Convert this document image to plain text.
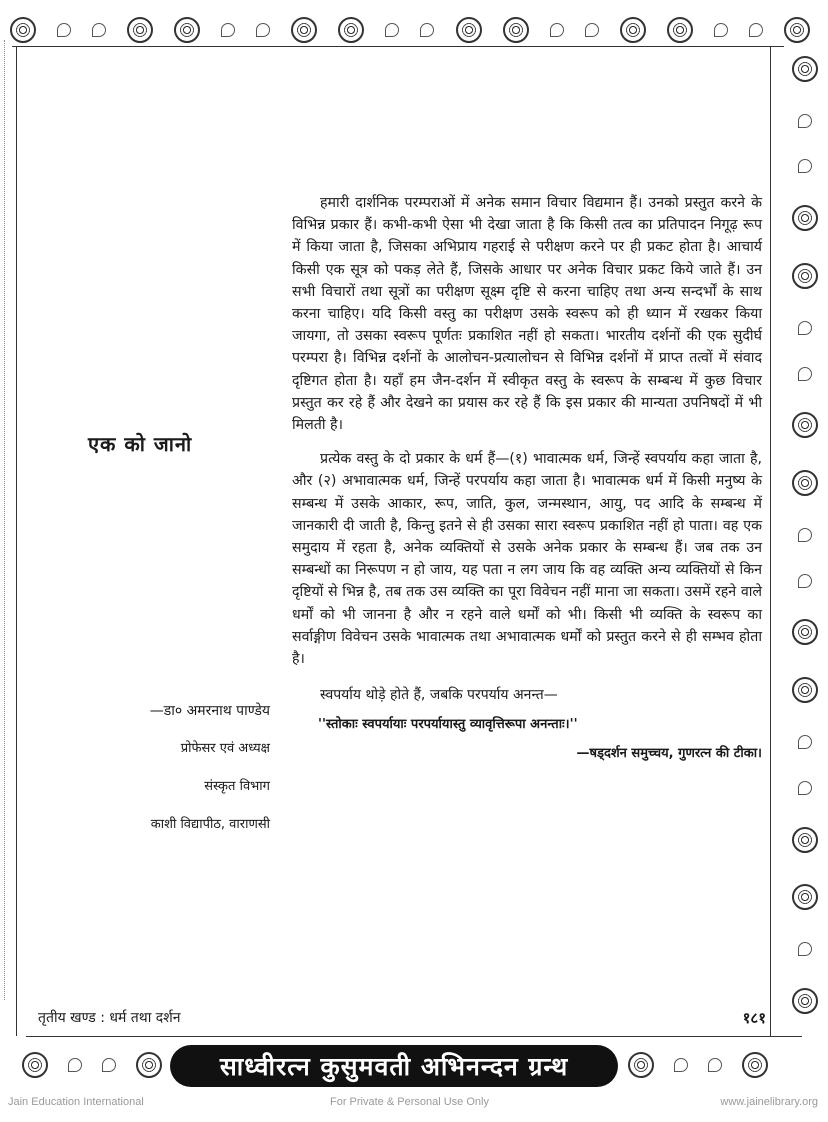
एक को जानो
—डा० अमरनाथ पाण्डेय
प्रोफेसर एवं अध्यक्ष
संस्कृत विभाग
काशी विद्यापीठ, वाराणसी

हमारी दार्शनिक परम्पराओं में अनेक समान विचार विद्यमान हैं। उनको प्रस्तुत करने के विभिन्न प्रकार हैं। कभी-कभी ऐसा भी देखा जाता है कि किसी तत्व का प्रतिपादन निगूढ़ रूप में किया जाता है, जिसका अभिप्राय गहराई से परीक्षण करने पर ही प्रकट होता है। आचार्य किसी एक सूत्र को पकड़ लेते हैं, जिसके आधार पर अनेक विचार प्रकट किये जाते हैं। उन सभी विचारों तथा सूत्रों का परीक्षण सूक्ष्म दृष्टि से करना चाहिए तथा अन्य सन्दर्भों के साथ करना चाहिए। यदि किसी वस्तु का परीक्षण उसके स्वरूप को ही ध्यान में रखकर किया जायगा, तो उसका स्वरूप पूर्णतः प्रकाशित नहीं हो सकता। भारतीय दर्शनों की एक सुदीर्घ परम्परा है। विभिन्न दर्शनों के आलोचन-प्रत्यालोचन से विभिन्न दर्शनों में प्राप्त तत्वों में संवाद दृष्टिगत होता है। यहाँ हम जैन-दर्शन में स्वीकृत वस्तु के स्वरूप के सम्बन्ध में कुछ विचार प्रस्तुत कर रहे हैं और देखने का प्रयास कर रहे हैं कि इस प्रकार की मान्यता उपनिषदों में भी मिलती है।

प्रत्येक वस्तु के दो प्रकार के धर्म हैं—(१) भावात्मक धर्म, जिन्हें स्वपर्याय कहा जाता है, और (२) अभावात्मक धर्म, जिन्हें परपर्याय कहा जाता है। भावात्मक धर्म में किसी मनुष्य के सम्बन्ध में उसके आकार, रूप, जाति, कुल, जन्मस्थान, आयु, पद आदि के सम्बन्ध में जानकारी दी जाती है, किन्तु इतने से ही उसका सारा स्वरूप प्रकाशित नहीं हो पाता। वह एक समुदाय में रहता है, अनेक व्यक्तियों से उसके अनेक प्रकार के सम्बन्ध हैं। जब तक उन सम्बन्धों का निरूपण न हो जाय, यह पता न लग जाय कि वह व्यक्ति अन्य व्यक्तियों से किन दृष्टियों से भिन्न है, तब तक उस व्यक्ति का पूरा विवेचन नहीं माना जा सकता। उसमें रहने वाले धर्मों को भी जानना है और न रहने वाले धर्मों को भी। किसी भी व्यक्ति के स्वरूप का सर्वाङ्गीण विवेचन उसके भावात्मक तथा अभावात्मक धर्मों को प्रस्तुत करने से ही सम्भव होता है।

स्वपर्याय थोड़े होते हैं, जबकि परपर्याय अनन्त—
''स्तोकाः स्वपर्यायाः परपर्यायास्तु व्यावृत्तिरूपा अनन्ताः।''
—षड्दर्शन समुच्चय, गुणरत्न की टीका।
तृतीय खण्ड : धर्म तथा दर्शन	१८१
साध्वीरत्न कुसुमवती अभिनन्दन ग्रन्थ
Jain Education International	For Private & Personal Use Only	www.jainelibrary.org
